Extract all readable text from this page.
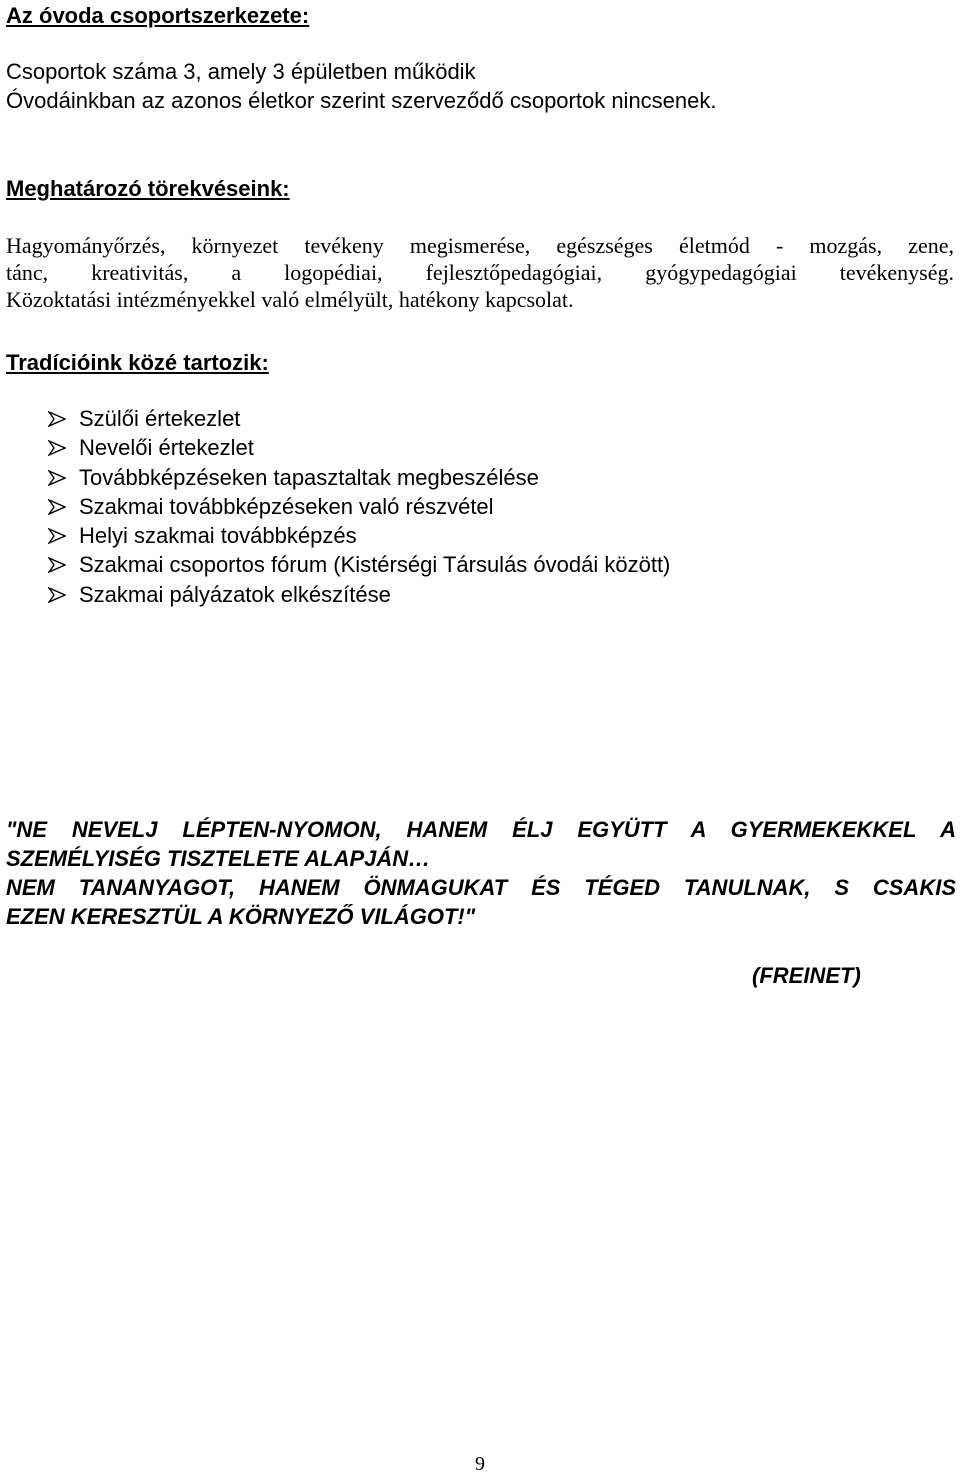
Az óvoda csoportszerkezete:
Csoportok száma 3, amely 3 épületben működik
Óvodáinkban az azonos életkor szerint szerveződő csoportok nincsenek.
Meghatározó törekvéseink:
Hagyományőrzés, környezet tevékeny megismerése, egészséges életmód - mozgás, zene,
tánc, kreativitás, a logopédiai, fejlesztőpedagógiai, gyógypedagógiai tevékenység.
Közoktatási intézményekkel való elmélyült, hatékony kapcsolat.
Tradícióink közé tartozik:
Szülői értekezlet
Nevelői értekezlet
Továbbképzéseken tapasztaltak megbeszélése
Szakmai továbbképzéseken való részvétel
Helyi szakmai továbbképzés
Szakmai csoportos fórum (Kistérségi Társulás óvodái között)
Szakmai pályázatok elkészítése
"NE NEVELJ LÉPTEN-NYOMON, HANEM ÉLJ EGYÜTT A GYERMEKEKKEL A
SZEMÉLYISÉG TISZTELETE ALAPJÁN…
NEM TANANYAGOT, HANEM ÖNMAGUKAT ÉS TÉGED TANULNAK, S CSAKIS
EZEN KERESZTÜL A KÖRNYEZŐ VILÁGOT!"
(FREINET)
9
